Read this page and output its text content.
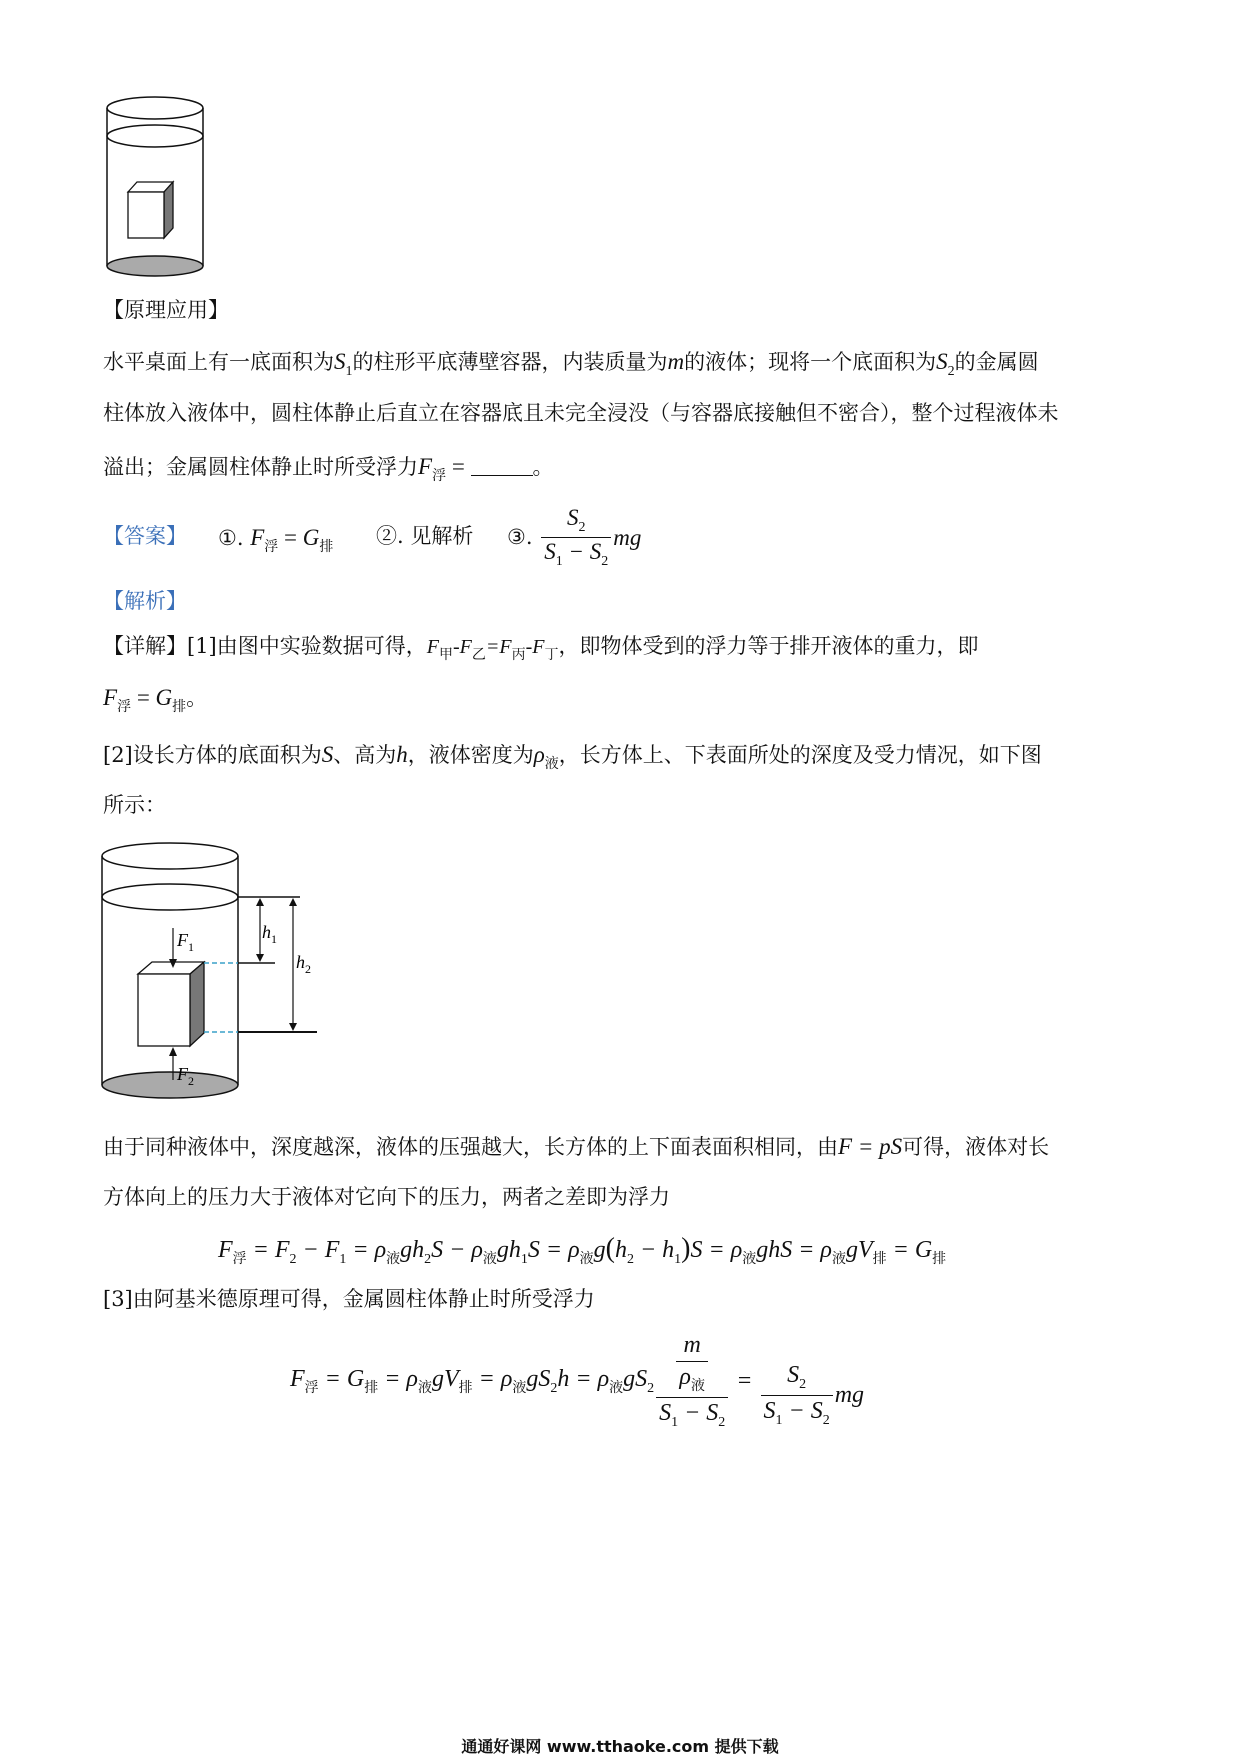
【原理应用】
水平桌面上有一底面积为$S_1$的柱形平底薄壁容器，内装质量为m的液体；现将一个底面积为$S_2$的金属圆
柱体放入液体中，圆柱体静止后直立在容器底且未完全浸没（与容器底接触但不密合），整个过程液体未
溢出；金属圆柱体静止时所受浮力$F_浮$ =	。
【答案】 ①. $F_浮 = G_排$ ②. 见解析 ③.
$\frac{S_2}{S_1 - S_2}$ mg
【解析】
【详解】[1]由图中实验数据可得，$F_甲-F_乙=F_丙-F_丁$，即物体受到的浮力等于排开液体的重力，即
$F_浮 = G_排$。
[2]设长方体的底面积为S、高为h，液体密度为$\rho_液$，长方体上、下表面所处的深度及受力情况，如下图
所示：
$F_1$
$F_2$
$h_1$
$h_2$
由于同种液体中，深度越深，液体的压强越大，长方体的上下面表面积相同，由F = pS可得，液体对长
方体向上的压力大于液体对它向下的压力，两者之差即为浮力
$F_浮 = F_2 - F_1 = \rho_液gh_2S - \rho_液gh_1S = \rho_液g(h_2 - h_1)S = \rho_液ghS = \rho_液gV_排 = G_排$
[3]由阿基米德原理可得，金属圆柱体静止时所受浮力
$F_浮 = G_排 = \rho_液gV_排 = \rho_液gS_2h = \rho_液gS_2 \frac{\frac{m}{\rho_液}}{S_1 - S_2} = \frac{S_2}{S_1 - S_2}$ mg
通通好课网 www.tthaoke.com 提供下载
